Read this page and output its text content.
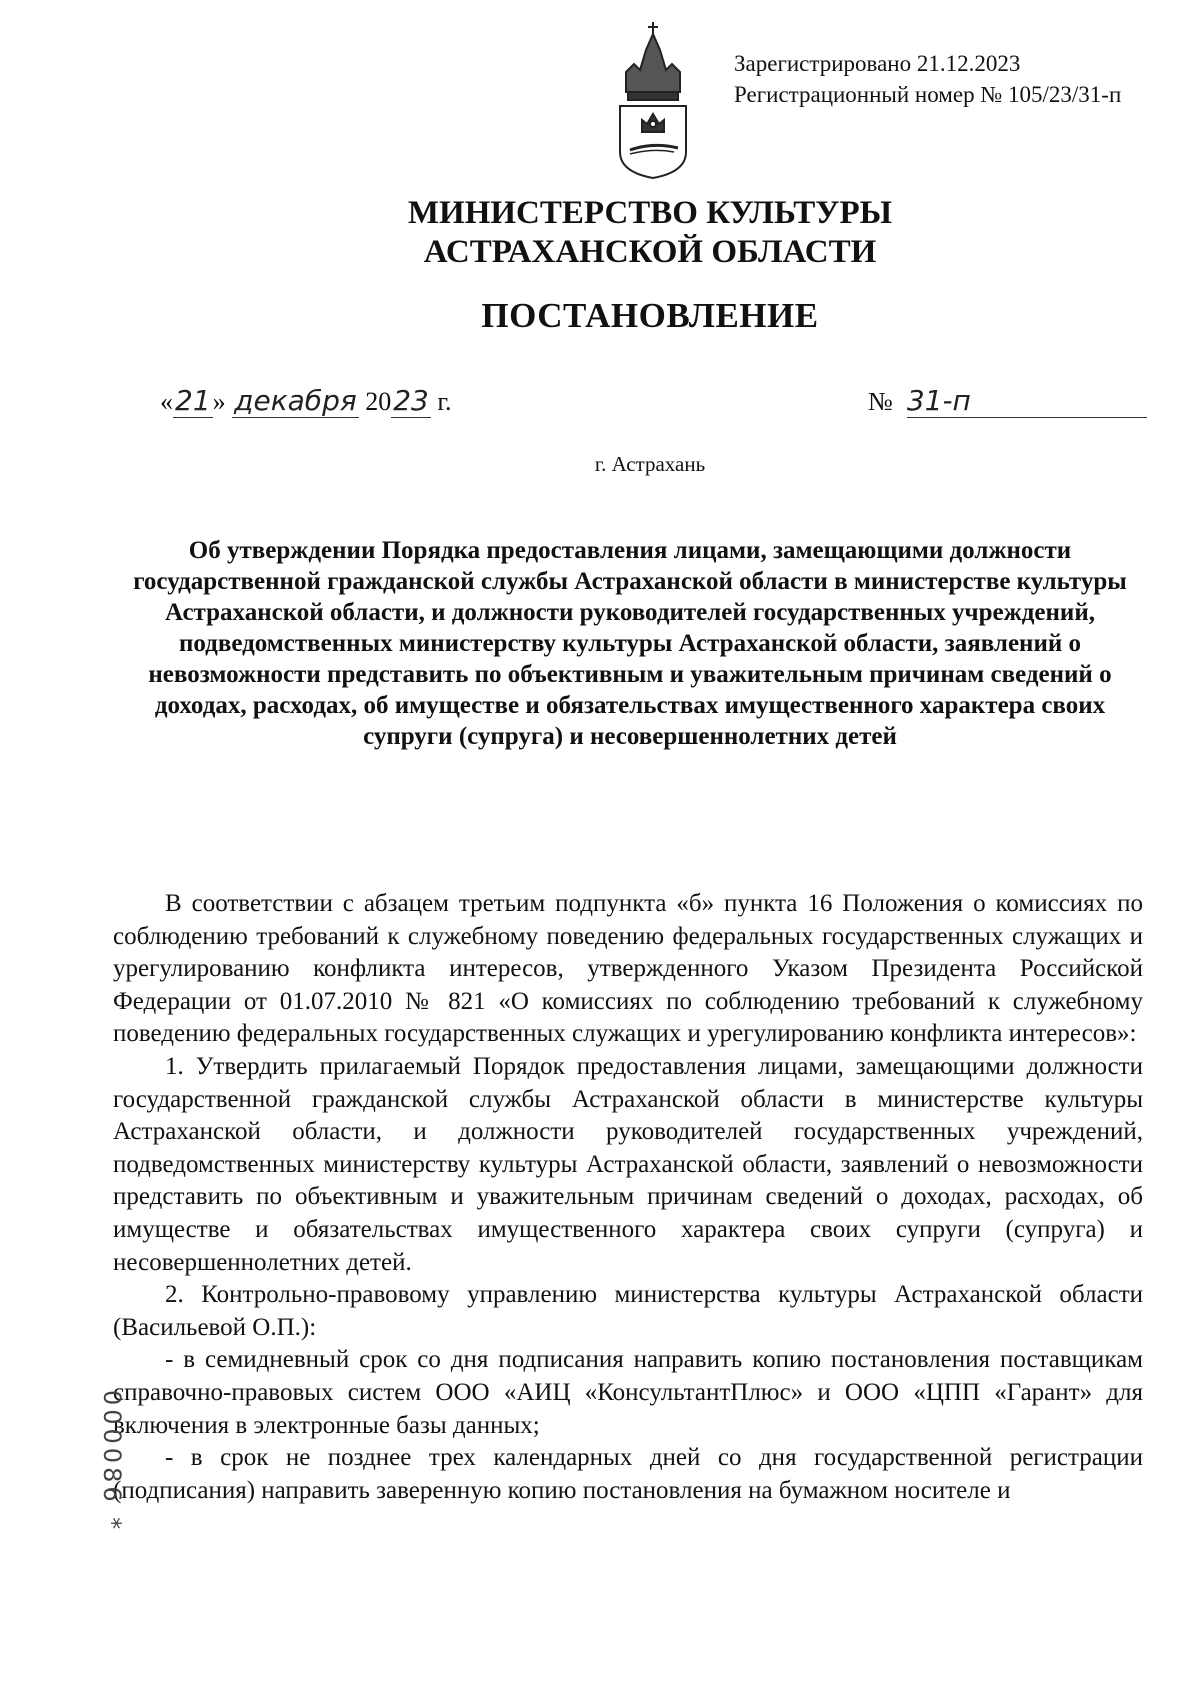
Зарегистрировано 21.12.2023
Регистрационный номер № 105/23/31-п
МИНИСТЕРСТВО КУЛЬТУРЫ
АСТРАХАНСКОЙ ОБЛАСТИ
ПОСТАНОВЛЕНИЕ
«21» декабря 2023 г.	№ 31-п
г. Астрахань
Об утверждении Порядка предоставления лицами, замещающими должности государственной гражданской службы Астраханской области в министерстве культуры Астраханской области, и должности руководителей государственных учреждений, подведомственных министерству культуры Астраханской области, заявлений о невозможности представить по объективным и уважительным причинам сведений о доходах, расходах, об имуществе и обязательствах имущественного характера своих супруги (супруга) и несовершеннолетних детей

В соответствии с абзацем третьим подпункта «б» пункта 16 Положения о комиссиях по соблюдению требований к служебному поведению федеральных государственных служащих и урегулированию конфликта интересов, утвержденного Указом Президента Российской Федерации от 01.07.2010 № 821 «О комиссиях по соблюдению требований к служебному поведению федеральных государственных служащих и урегулированию конфликта интересов»:

1. Утвердить прилагаемый Порядок предоставления лицами, замещающими должности государственной гражданской службы Астраханской области в министерстве культуры Астраханской области, и должности руководителей государственных учреждений, подведомственных министерству культуры Астраханской области, заявлений о невозможности представить по объективным и уважительным причинам сведений о доходах, расходах, об имуществе и обязательствах имущественного характера своих супруги (супруга) и несовершеннолетних детей.

2. Контрольно-правовому управлению министерства культуры Астраханской области (Васильевой О.П.):

- в семидневный срок со дня подписания направить копию постановления поставщикам справочно-правовых систем ООО «АИЦ «КонсультантПлюс» и ООО «ЦПП «Гарант» для включения в электронные базы данных;

- в срок не позднее трех календарных дней со дня государственной регистрации (подписания) направить заверенную копию постановления на бумажном носителе и

000086 *
